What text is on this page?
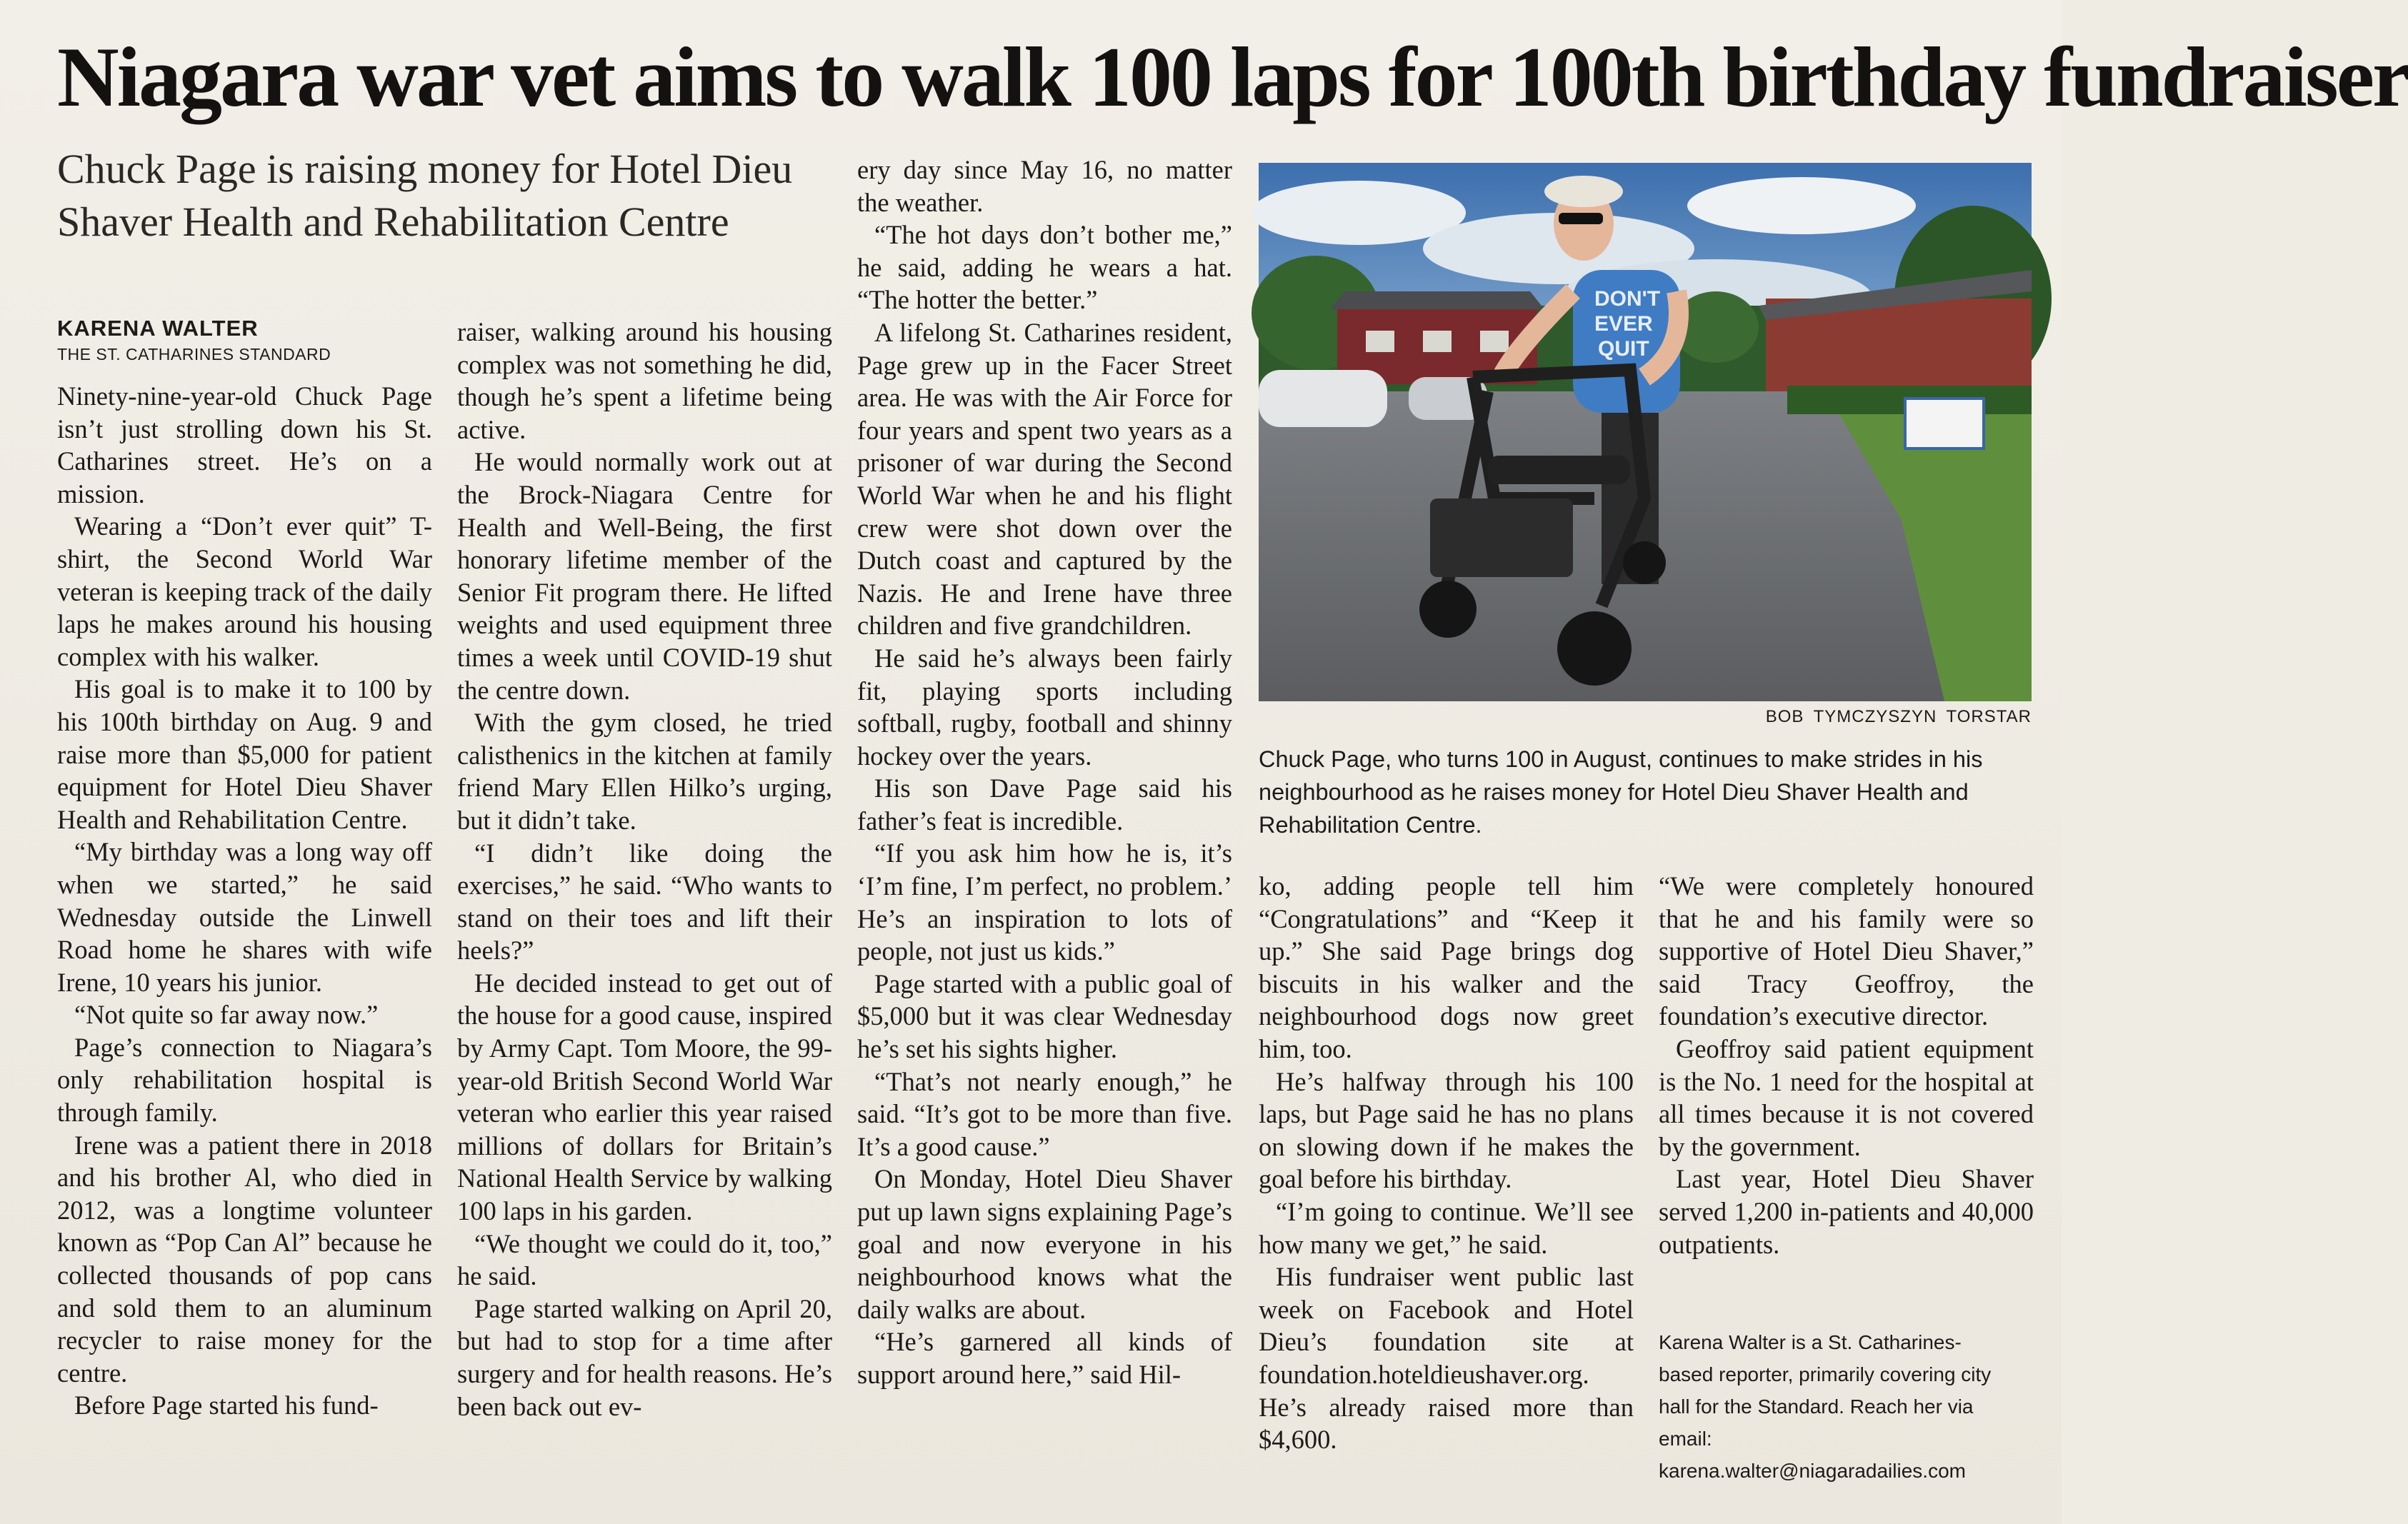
Niagara war vet aims to walk 100 laps for 100th birthday fundraiser
Chuck Page is raising money for Hotel Dieu Shaver Health and Rehabilitation Centre
KARENA WALTER
THE ST. CATHARINES STANDARD

Ninety-nine-year-old Chuck Page isn’t just strolling down his St. Catharines street. He’s on a mission.

Wearing a “Don’t ever quit” T-shirt, the Second World War veteran is keeping track of the daily laps he makes around his housing complex with his walker.

His goal is to make it to 100 by his 100th birthday on Aug. 9 and raise more than $5,000 for patient equipment for Hotel Dieu Shaver Health and Rehabilitation Centre.

“My birthday was a long way off when we started,” he said Wednesday outside the Linwell Road home he shares with wife Irene, 10 years his junior.

“Not quite so far away now.”

Page’s connection to Niagara’s only rehabilitation hospital is through family.

Irene was a patient there in 2018 and his brother Al, who died in 2012, was a longtime volunteer known as “Pop Can Al” because he collected thousands of pop cans and sold them to an aluminum recycler to raise money for the centre.

Before Page started his fund-

raiser, walking around his housing complex was not something he did, though he’s spent a lifetime being active.

He would normally work out at the Brock-Niagara Centre for Health and Well-Being, the first honorary lifetime member of the Senior Fit program there. He lifted weights and used equipment three times a week until COVID-19 shut the centre down.

With the gym closed, he tried calisthenics in the kitchen at family friend Mary Ellen Hilko’s urging, but it didn’t take.

“I didn’t like doing the exercises,” he said. “Who wants to stand on their toes and lift their heels?”

He decided instead to get out of the house for a good cause, inspired by Army Capt. Tom Moore, the 99-year-old British Second World War veteran who earlier this year raised millions of dollars for Britain’s National Health Service by walking 100 laps in his garden.

“We thought we could do it, too,” he said.

Page started walking on April 20, but had to stop for a time after surgery and for health reasons. He’s been back out ev-

ery day since May 16, no matter the weather.

“The hot days don’t bother me,” he said, adding he wears a hat. “The hotter the better.”

A lifelong St. Catharines resident, Page grew up in the Facer Street area. He was with the Air Force for four years and spent two years as a prisoner of war during the Second World War when he and his flight crew were shot down over the Dutch coast and captured by the Nazis. He and Irene have three children and five grandchildren.

He said he’s always been fairly fit, playing sports including softball, rugby, football and shinny hockey over the years.

His son Dave Page said his father’s feat is incredible.

“If you ask him how he is, it’s ‘I’m fine, I’m perfect, no problem.’ He’s an inspiration to lots of people, not just us kids.”

Page started with a public goal of $5,000 but it was clear Wednesday he’s set his sights higher.

“That’s not nearly enough,” he said. “It’s got to be more than five. It’s a good cause.”

On Monday, Hotel Dieu Shaver put up lawn signs explaining Page’s goal and now everyone in his neighbourhood knows what the daily walks are about.

“He’s garnered all kinds of support around here,” said Hil-

DON'T
EVER
QUIT
BOB TYMCZYSZYN TORSTAR
Chuck Page, who turns 100 in August, continues to make strides in his neighbourhood as he raises money for Hotel Dieu Shaver Health and Rehabilitation Centre.

ko, adding people tell him “Congratulations” and “Keep it up.” She said Page brings dog biscuits in his walker and the neighbourhood dogs now greet him, too.

He’s halfway through his 100 laps, but Page said he has no plans on slowing down if he makes the goal before his birthday.

“I’m going to continue. We’ll see how many we get,” he said.

His fundraiser went public last week on Facebook and Hotel Dieu’s foundation site at foundation.hoteldieushaver.org. He’s already raised more than $4,600.

“We were completely honoured that he and his family were so supportive of Hotel Dieu Shaver,” said Tracy Geoffroy, the foundation’s executive director.

Geoffroy said patient equipment is the No. 1 need for the hospital at all times because it is not covered by the government.

Last year, Hotel Dieu Shaver served 1,200 in-patients and 40,000 outpatients.

Karena Walter is a St. Catharines-based reporter, primarily covering city hall for the Standard. Reach her via email: karena.walter@niagaradailies.com
